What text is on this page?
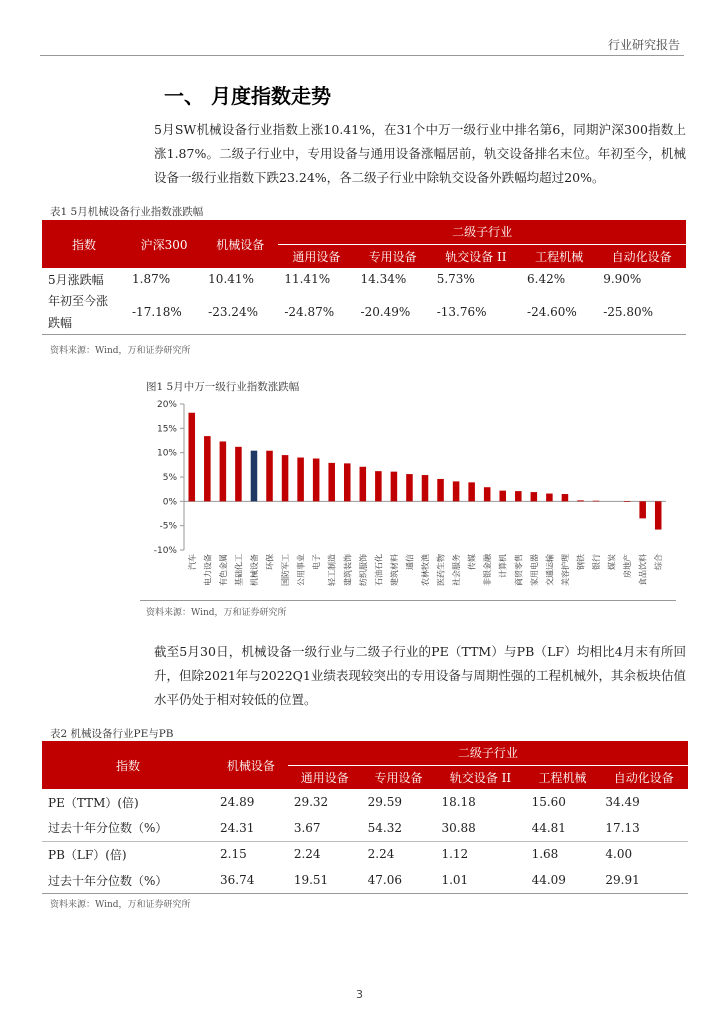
行业研究报告
一、 月度指数走势
5月SW机械设备行业指数上涨10.41%，在31个中万一级行业中排名第6，同期沪深300指数上涨1.87%。二级子行业中，专用设备与通用设备涨幅居前，轨交设备排名末位。年初至今，机械设备一级行业指数下跌23.24%，各二级子行业中除轨交设备外跌幅均超过20%。
表1 5月机械设备行业指数涨跌幅
指数	沪深300	机械设备	二级子行业				
			通用设备	专用设备	轨交设备 II	工程机械	自动化设备
5月涨跌幅	1.87%	10.41%	11.41%	14.34%	5.73%	6.42%	9.90%
年初至今涨
跌幅	-17.18%	-23.24%	-24.87%	-20.49%	-13.76%	-24.60%	-25.80%
资料来源：Wind，万和证券研究所
图1 5月中万一级行业指数涨跌幅
20%
15%
10%
5%
0%
-5%
-10%
汽车 电力设备 有色金属 基础化工 机械设备 环保 国防军工 公用事业 电子 轻工制造 建筑装饰 纺织服饰 石油石化 建筑材料 通信 农林牧渔 医药生物 社会服务 传媒 非银金融 计算机 商贸零售 家用电器 交通运输 美容护理 钢铁 银行 煤炭 房地产 食品饮料 综合
资料来源：Wind，万和证券研究所
截至5月30日，机械设备一级行业与二级子行业的PE（TTM）与PB（LF）均相比4月末有所回升，但除2021年与2022Q1业绩表现较突出的专用设备与周期性强的工程机械外，其余板块估值水平仍处于相对较低的位置。
表2 机械设备行业PE与PB
指数	机械设备	二级子行业				
		通用设备	专用设备	轨交设备 II	工程机械	自动化设备
PE（TTM）(倍)	24.89	29.32	29.59	18.18	15.60	34.49
过去十年分位数（%）	24.31	3.67	54.32	30.88	44.81	17.13
PB（LF）(倍)	2.15	2.24	2.24	1.12	1.68	4.00
过去十年分位数（%）	36.74	19.51	47.06	1.01	44.09	29.91
资料来源：Wind，万和证券研究所
3
